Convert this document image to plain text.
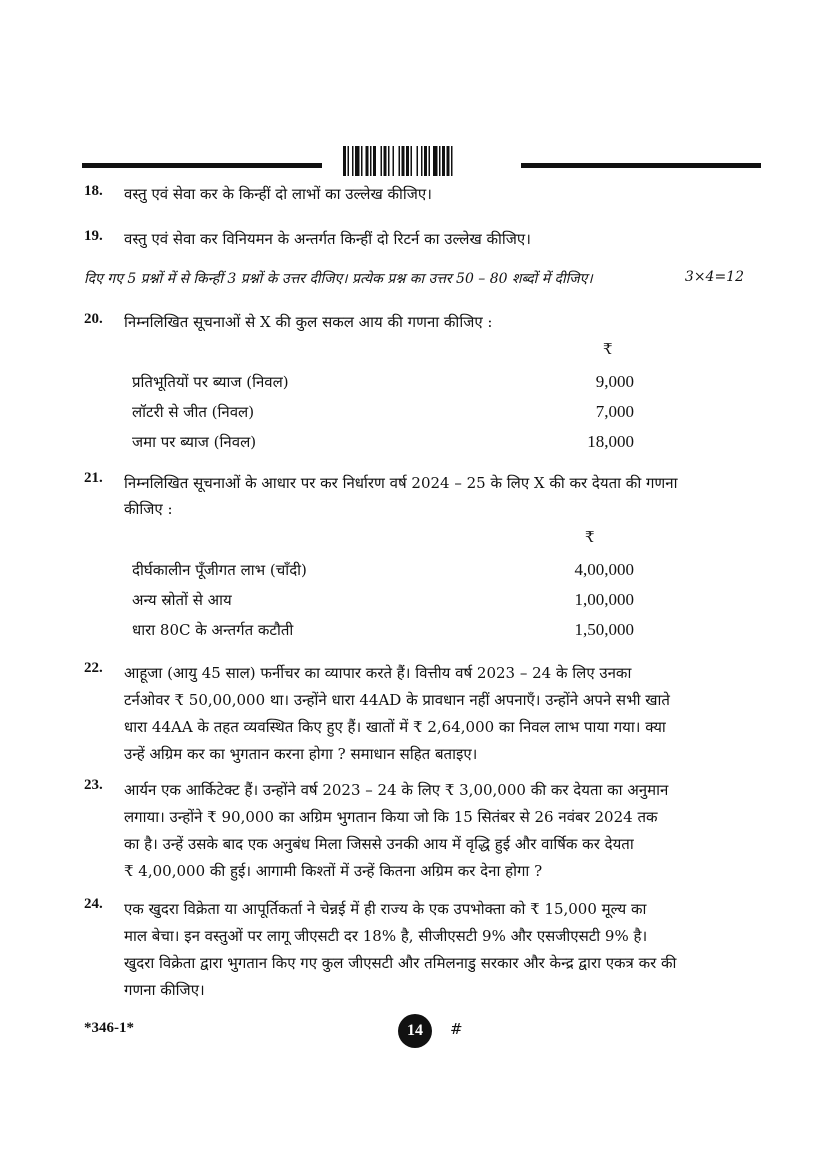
18. वस्तु एवं सेवा कर के किन्हीं दो लाभों का उल्लेख कीजिए।
19. वस्तु एवं सेवा कर विनियमन के अन्तर्गत किन्हीं दो रिटर्न का उल्लेख कीजिए।
दिए गए 5 प्रश्नों में से किन्हीं 3 प्रश्नों के उत्तर दीजिए। प्रत्येक प्रश्न का उत्तर 50 – 80 शब्दों में दीजिए।	3×4=12
20. निम्नलिखित सूचनाओं से X की कुल सकल आय की गणना कीजिए :
₹
प्रतिभूतियों पर ब्याज (निवल)	9,000
लॉटरी से जीत (निवल)	7,000
जमा पर ब्याज (निवल)	18,000
21. निम्नलिखित सूचनाओं के आधार पर कर निर्धारण वर्ष 2024 – 25 के लिए X की कर देयता की गणना
कीजिए :
₹
दीर्घकालीन पूँजीगत लाभ (चाँदी)	4,00,000
अन्य स्रोतों से आय	1,00,000
धारा 80C के अन्तर्गत कटौती	1,50,000
22. आहूजा (आयु 45 साल) फर्नीचर का व्यापार करते हैं। वित्तीय वर्ष 2023 – 24 के लिए उनका
टर्नओवर ₹ 50,00,000 था। उन्होंने धारा 44AD के प्रावधान नहीं अपनाएँ। उन्होंने अपने सभी खाते
धारा 44AA के तहत व्यवस्थित किए हुए हैं। खातों में ₹ 2,64,000 का निवल लाभ पाया गया। क्या
उन्हें अग्रिम कर का भुगतान करना होगा ? समाधान सहित बताइए।
23. आर्यन एक आर्किटेक्ट हैं। उन्होंने वर्ष 2023 – 24 के लिए ₹ 3,00,000 की कर देयता का अनुमान
लगाया। उन्होंने ₹ 90,000 का अग्रिम भुगतान किया जो कि 15 सितंबर से 26 नवंबर 2024 तक
का है। उन्हें उसके बाद एक अनुबंध मिला जिससे उनकी आय में वृद्धि हुई और वार्षिक कर देयता
₹ 4,00,000 की हुई। आगामी किश्तों में उन्हें कितना अग्रिम कर देना होगा ?
24. एक खुदरा विक्रेता या आपूर्तिकर्ता ने चेन्नई में ही राज्य के एक उपभोक्ता को ₹ 15,000 मूल्य का
माल बेचा। इन वस्तुओं पर लागू जीएसटी दर 18% है, सीजीएसटी 9% और एसजीएसटी 9% है।
खुदरा विक्रेता द्वारा भुगतान किए गए कुल जीएसटी और तमिलनाडु सरकार और केन्द्र द्वारा एकत्र कर की
गणना कीजिए।
*346-1*	14	#
